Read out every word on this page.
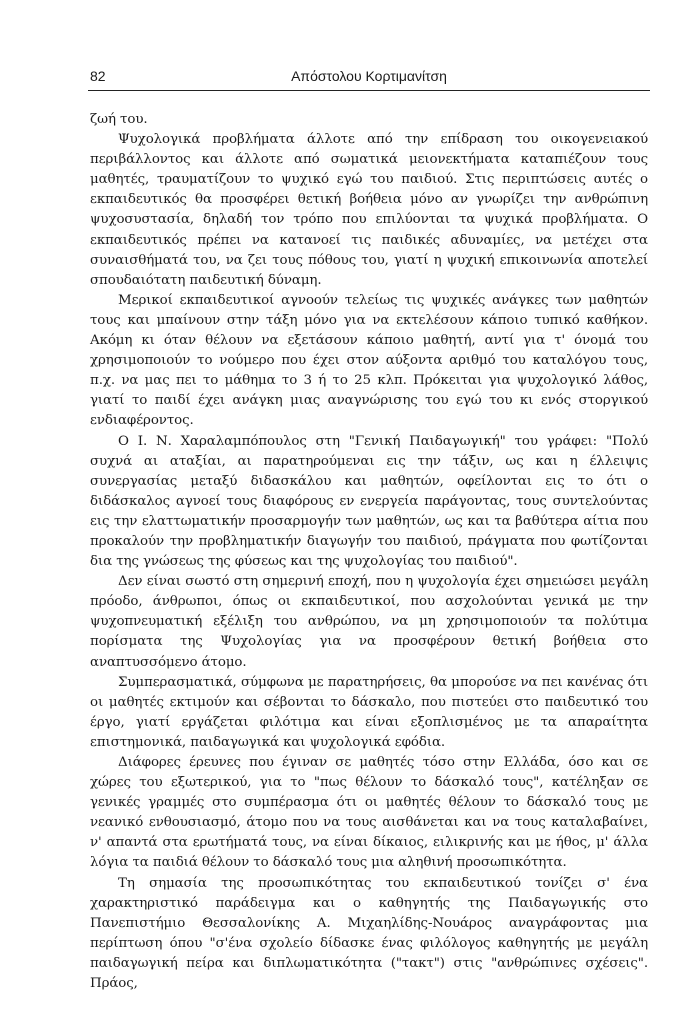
82	Απόστολου Κορτιμανίτση

ζωή του.

Ψυχολογικά προβλήματα άλλοτε από την επίδραση του οικογενειακού περιβάλλοντος και άλλοτε από σωματικά μειονεκτήματα καταπιέζουν τους μαθητές, τραυματίζουν το ψυχικό εγώ του παιδιού. Στις περιπτώσεις αυτές ο εκπαιδευτικός θα προσφέρει θετική βοήθεια μόνο αν γνωρίζει την ανθρώπινη ψυχοσυστασία, δηλαδή τον τρόπο που επιλύονται τα ψυχικά προβλήματα. Ο εκπαιδευτικός πρέπει να κατανοεί τις παιδικές αδυναμίες, να μετέχει στα συναισθήματά του, να ζει τους πόθους του, γιατί η ψυχική επικοινωνία αποτελεί σπουδαιότατη παιδευτική δύναμη.

Μερικοί εκπαιδευτικοί αγνοούν τελείως τις ψυχικές ανάγκες των μαθητών τους και μπαίνουν στην τάξη μόνο για να εκτελέσουν κάποιο τυπικό καθήκον. Ακόμη κι όταν θέλουν να εξετάσουν κάποιο μαθητή, αντί για τ' όνομά του χρησιμοποιούν το νούμερο που έχει στον αύξοντα αριθμό του καταλόγου τους, π.χ. να μας πει το μάθημα το 3 ή το 25 κλπ. Πρόκειται για ψυχολογικό λάθος, γιατί το παιδί έχει ανάγκη μιας αναγνώρισης του εγώ του κι ενός στοργικού ενδιαφέροντος.

Ο Ι. Ν. Χαραλαμπόπουλος στη "Γενική Παιδαγωγική" του γράφει: "Πολύ συχνά αι αταξίαι, αι παρατηρούμεναι εις την τάξιν, ως και η έλλειψις συνεργασίας μεταξύ διδασκάλου και μαθητών, οφείλονται εις το ότι ο διδάσκαλος αγνοεί τους διαφόρους εν ενεργεία παράγοντας, τους συντελούντας εις την ελαττωματικήν προσαρμογήν των μαθητών, ως και τα βαθύτερα αίτια που προκαλούν την προβληματικήν διαγωγήν του παιδιού, πράγματα που φωτίζονται δια της γνώσεως της φύσεως και της ψυχολογίας του παιδιού".

Δεν είναι σωστό στη σημερινή εποχή, που η ψυχολογία έχει σημειώσει μεγάλη πρόοδο, άνθρωποι, όπως οι εκπαιδευτικοί, που ασχολούνται γενικά με την ψυχοπνευματική εξέλιξη του ανθρώπου, να μη χρησιμοποιούν τα πολύτιμα πορίσματα της Ψυχολογίας για να προσφέρουν θετική βοήθεια στο αναπτυσσόμενο άτομο.

Συμπερασματικά, σύμφωνα με παρατηρήσεις, θα μπορούσε να πει κανένας ότι οι μαθητές εκτιμούν και σέβονται το δάσκαλο, που πιστεύει στο παιδευτικό του έργο, γιατί εργάζεται φιλότιμα και είναι εξοπλισμένος με τα απαραίτητα επιστημονικά, παιδαγωγικά και ψυχολογικά εφόδια.

Διάφορες έρευνες που έγιναν σε μαθητές τόσο στην Ελλάδα, όσο και σε χώρες του εξωτερικού, για το "πως θέλουν το δάσκαλό τους", κατέληξαν σε γενικές γραμμές στο συμπέρασμα ότι οι μαθητές θέλουν το δάσκαλό τους με νεανικό ενθουσιασμό, άτομο που να τους αισθάνεται και να τους καταλαβαίνει, ν' απαντά στα ερωτήματά τους, να είναι δίκαιος, ειλικρινής και με ήθος, μ' άλλα λόγια τα παιδιά θέλουν το δάσκαλό τους μια αληθινή προσωπικότητα.

Τη σημασία της προσωπικότητας του εκπαιδευτικού τονίζει σ' ένα χαρακτηριστικό παράδειγμα και ο καθηγητής της Παιδαγωγικής στο Πανεπιστήμιο Θεσσαλονίκης Α. Μιχαηλίδης-Νουάρος αναγράφοντας μια περίπτωση όπου "σ'ένα σχολείο δίδασκε ένας φιλόλογος καθηγητής με μεγάλη παιδαγωγική πείρα και διπλωματικότητα ("τακτ") στις "ανθρώπινες σχέσεις". Πράος,
